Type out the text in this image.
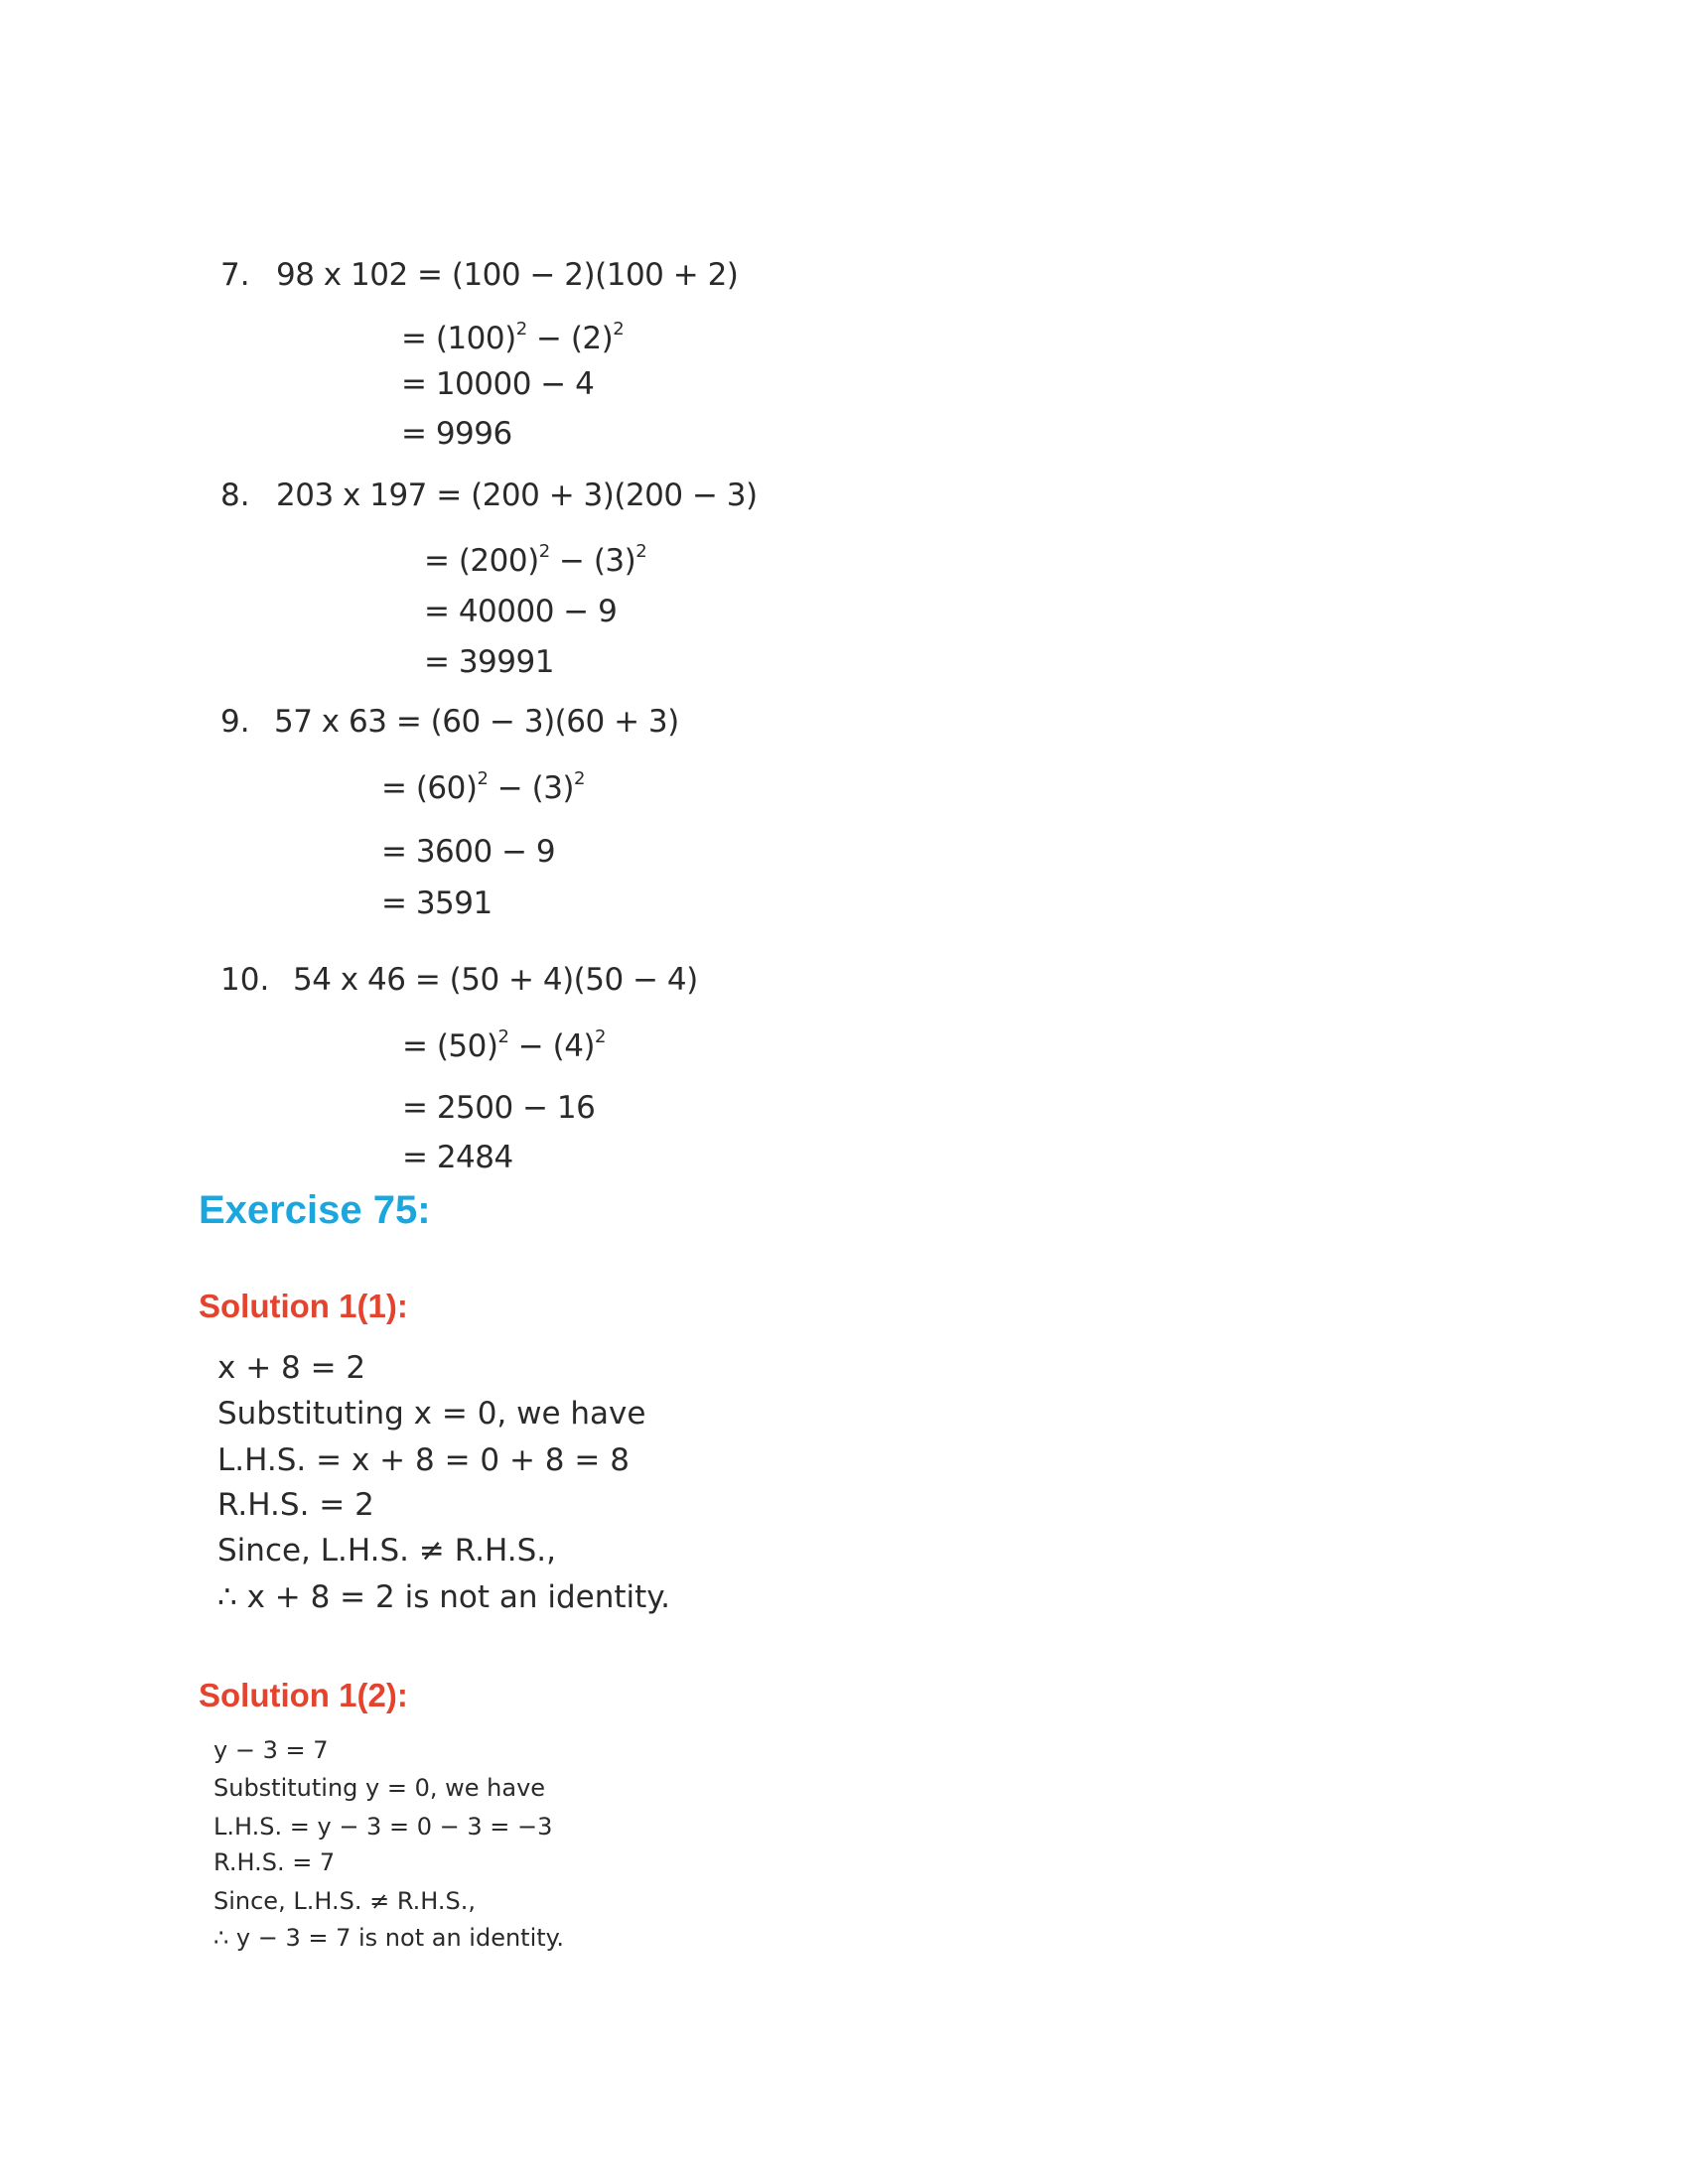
7. 98 x 102 = (100 − 2)(100 + 2)
= $(100)^2 - (2)^2$
= 10000 − 4
= 9996
8. 203 x 197 = (200 + 3)(200 − 3)
= $(200)^2 - (3)^2$
= 40000 − 9
= 39991
9. 57 x 63 = (60 − 3)(60 + 3)
= $(60)^2 - (3)^2$
= 3600 − 9
= 3591
10. 54 x 46 = (50 + 4)(50 − 4)
= $(50)^2 - (4)^2$
= 2500 − 16
= 2484
Exercise 75:
Solution 1(1):
x + 8 = 2
Substituting x = 0, we have
L.H.S. = x + 8 = 0 + 8 = 8
R.H.S. = 2
Since, L.H.S. ≠ R.H.S.,
∴ x + 8 = 2 is not an identity.
Solution 1(2):
y − 3 = 7
Substituting y = 0, we have
L.H.S. = y − 3 = 0 − 3 = −3
R.H.S. = 7
Since, L.H.S. ≠ R.H.S.,
∴ y − 3 = 7 is not an identity.
